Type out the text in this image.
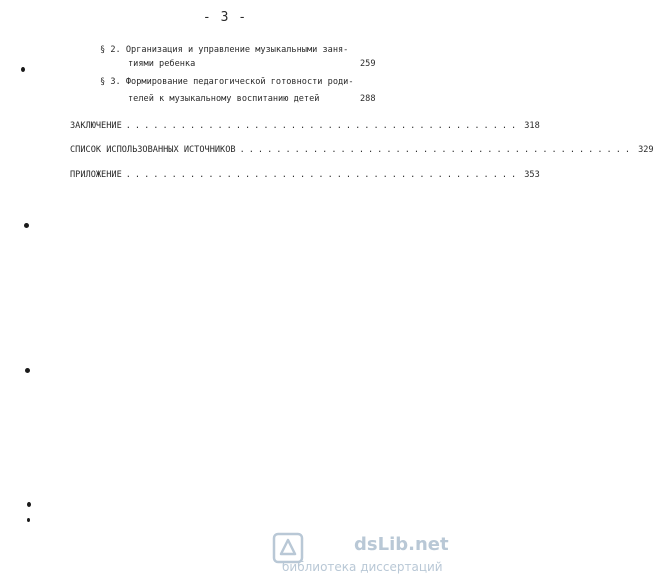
- 3 -
§ 2. Организация и управление музыкальными заня-
тиями ребенка	259
§ 3. Формирование педагогической готовности роди-
телей к музыкальному воспитанию детей	288
ЗАКЛЮЧЕНИЕ ........................................... 318
СПИСОК ИСПОЛЬЗОВАННЫХ ИСТОЧНИКОВ ........................................... 329
ПРИЛОЖЕНИЕ ........................................... 353
dsLib.net
библиотека диссертаций
